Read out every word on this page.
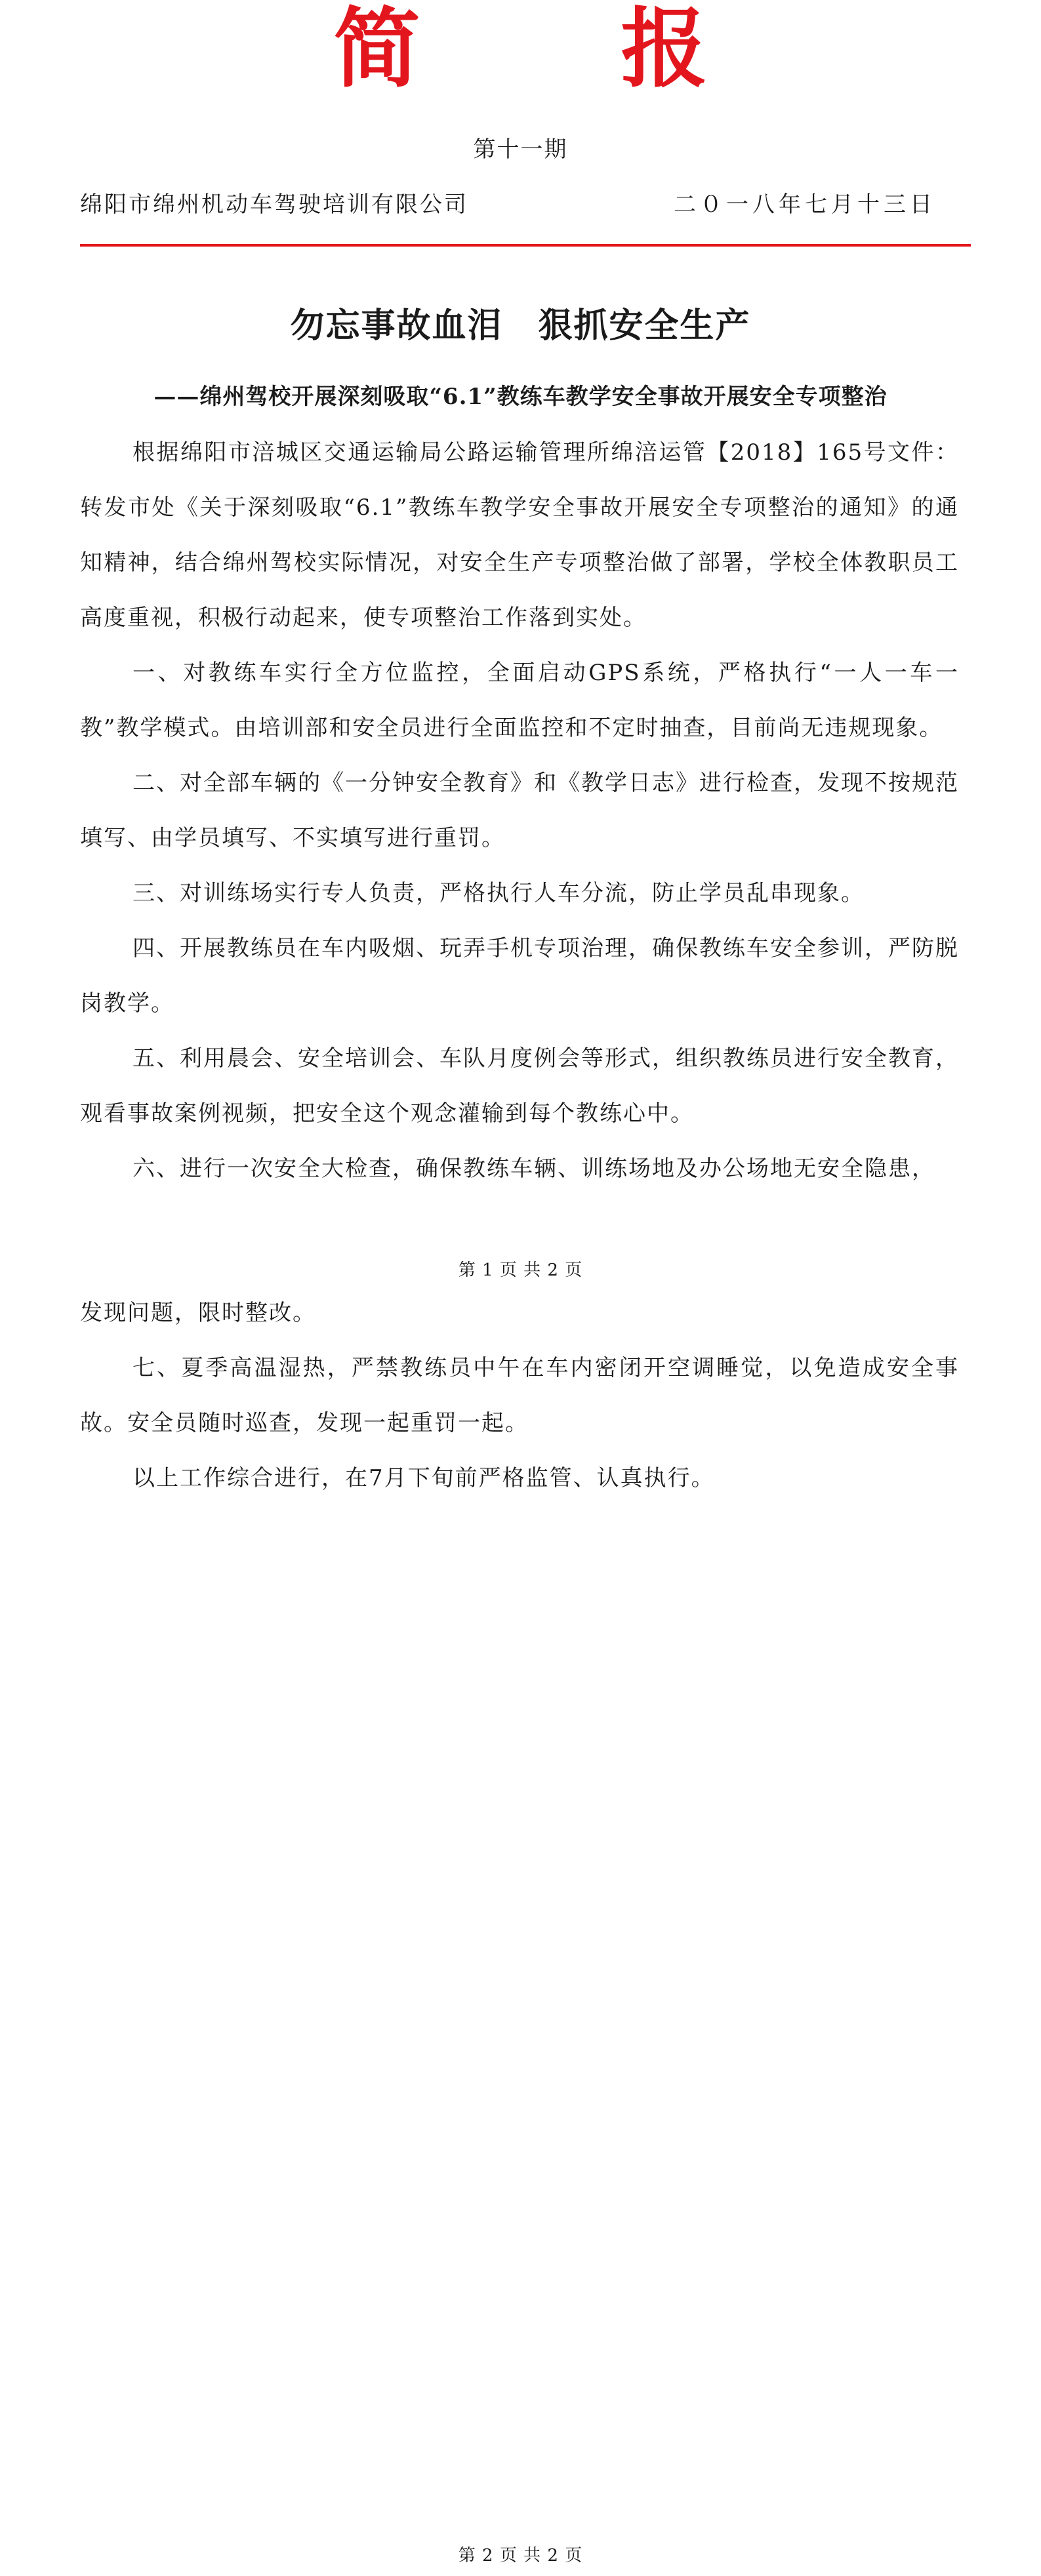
简 报
第十一期
绵阳市绵州机动车驾驶培训有限公司	二０一八年七月十三日
勿忘事故血泪　狠抓安全生产
——绵州驾校开展深刻吸取“6.1”教练车教学安全事故开展安全专项整治

根据绵阳市涪城区交通运输局公路运输管理所绵涪运管【2018】165号文件：转发市处《关于深刻吸取“6.1”教练车教学安全事故开展安全专项整治的通知》的通知精神，结合绵州驾校实际情况，对安全生产专项整治做了部署，学校全体教职员工高度重视，积极行动起来，使专项整治工作落到实处。

一、对教练车实行全方位监控，全面启动GPS系统，严格执行“一人一车一教”教学模式。由培训部和安全员进行全面监控和不定时抽查，目前尚无违规现象。

二、对全部车辆的《一分钟安全教育》和《教学日志》进行检查，发现不按规范填写、由学员填写、不实填写进行重罚。

三、对训练场实行专人负责，严格执行人车分流，防止学员乱串现象。

四、开展教练员在车内吸烟、玩弄手机专项治理，确保教练车安全参训，严防脱岗教学。

五、利用晨会、安全培训会、车队月度例会等形式，组织教练员进行安全教育，观看事故案例视频，把安全这个观念灌输到每个教练心中。

六、进行一次安全大检查，确保教练车辆、训练场地及办公场地无安全隐患，

第 1 页 共 2 页

发现问题，限时整改。

七、夏季高温湿热，严禁教练员中午在车内密闭开空调睡觉，以免造成安全事故。安全员随时巡查，发现一起重罚一起。

以上工作综合进行，在7月下旬前严格监管、认真执行。

第 2 页 共 2 页
